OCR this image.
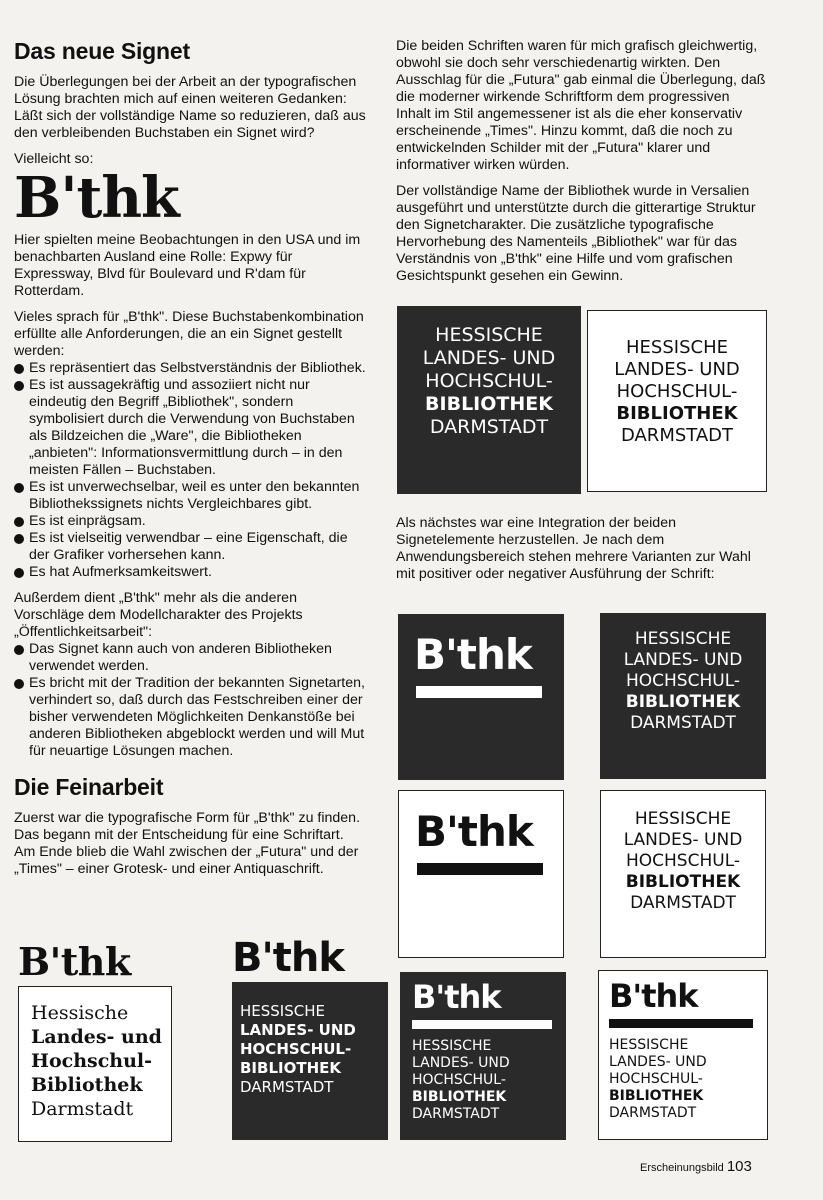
Das neue Signet

Die Überlegungen bei der Arbeit an der typografischen Lösung brachten mich auf einen weiteren Gedanken: Läßt sich der vollständige Name so reduzieren, daß aus den verbleibenden Buchstaben ein Signet wird?

Vielleicht so:

B'thk

Hier spielten meine Beobachtungen in den USA und im benachbarten Ausland eine Rolle: Expwy für Expressway, Blvd für Boulevard und R'dam für Rotterdam.

Vieles sprach für „B'thk". Diese Buchstabenkombination erfüllte alle Anforderungen, die an ein Signet gestellt werden:

Es repräsentiert das Selbstverständnis der Bibliothek.
Es ist aussagekräftig und assoziiert nicht nur eindeutig den Begriff „Bibliothek", sondern symbolisiert durch die Verwendung von Buchstaben als Bildzeichen die „Ware", die Bibliotheken „anbieten": Informationsvermittlung durch – in den meisten Fällen – Buchstaben.
Es ist unverwechselbar, weil es unter den bekannten Bibliothekssignets nichts Vergleichbares gibt.
Es ist einprägsam.
Es ist vielseitig verwendbar – eine Eigenschaft, die der Grafiker vorhersehen kann.
Es hat Aufmerksamkeitswert.

Außerdem dient „B'thk" mehr als die anderen Vorschläge dem Modellcharakter des Projekts „Öffentlichkeitsarbeit":

Das Signet kann auch von anderen Bibliotheken verwendet werden.
Es bricht mit der Tradition der bekannten Signetarten, verhindert so, daß durch das Festschreiben einer der bisher verwendeten Möglichkeiten Denkanstöße bei anderen Bibliotheken abgeblockt werden und will Mut für neuartige Lösungen machen.
Die Feinarbeit

Zuerst war die typografische Form für „B'thk" zu finden. Das begann mit der Entscheidung für eine Schriftart. Am Ende blieb die Wahl zwischen der „Futura" und der „Times" – einer Grotesk- und einer Antiquaschrift.

Die beiden Schriften waren für mich grafisch gleichwertig, obwohl sie doch sehr verschiedenartig wirkten. Den Ausschlag für die „Futura" gab einmal die Überlegung, daß die moderner wirkende Schriftform dem progressiven Inhalt im Stil angemessener ist als die eher konservativ erscheinende „Times". Hinzu kommt, daß die noch zu entwickelnden Schilder mit der „Futura" klarer und informativer wirken würden.

Der vollständige Name der Bibliothek wurde in Versalien ausgeführt und unterstützte durch die gitterartige Struktur den Signetcharakter. Die zusätzliche typografische Hervorhebung des Namenteils „Bibliothek" war für das Verständnis von „B'thk" eine Hilfe und vom grafischen Gesichtspunkt gesehen ein Gewinn.

Als nächstes war eine Integration der beiden Signetelemente herzustellen. Je nach dem Anwendungsbereich stehen mehrere Varianten zur Wahl mit positiver oder negativer Ausführung der Schrift:

HESSISCHE
LANDES- UND
HOCHSCHUL-
BIBLIOTHEK
DARMSTADT
HESSISCHE
LANDES- UND
HOCHSCHUL-
BIBLIOTHEK
DARMSTADT
B'thk	HESSISCHE
LANDES- UND
HOCHSCHUL-
BIBLIOTHEK
DARMSTADT
B'thk	HESSISCHE
LANDES- UND
HOCHSCHUL-
BIBLIOTHEK
DARMSTADT
B'thk
Hessische
Landes- und
Hochschul-
Bibliothek
Darmstadt
B'thk
HESSISCHE
LANDES- UND
HOCHSCHUL-
BIBLIOTHEK
DARMSTADT
B'thk
HESSISCHE
LANDES- UND
HOCHSCHUL-
BIBLIOTHEK
DARMSTADT
B'thk
HESSISCHE
LANDES- UND
HOCHSCHUL-
BIBLIOTHEK
DARMSTADT
Erscheinungsbild 103
